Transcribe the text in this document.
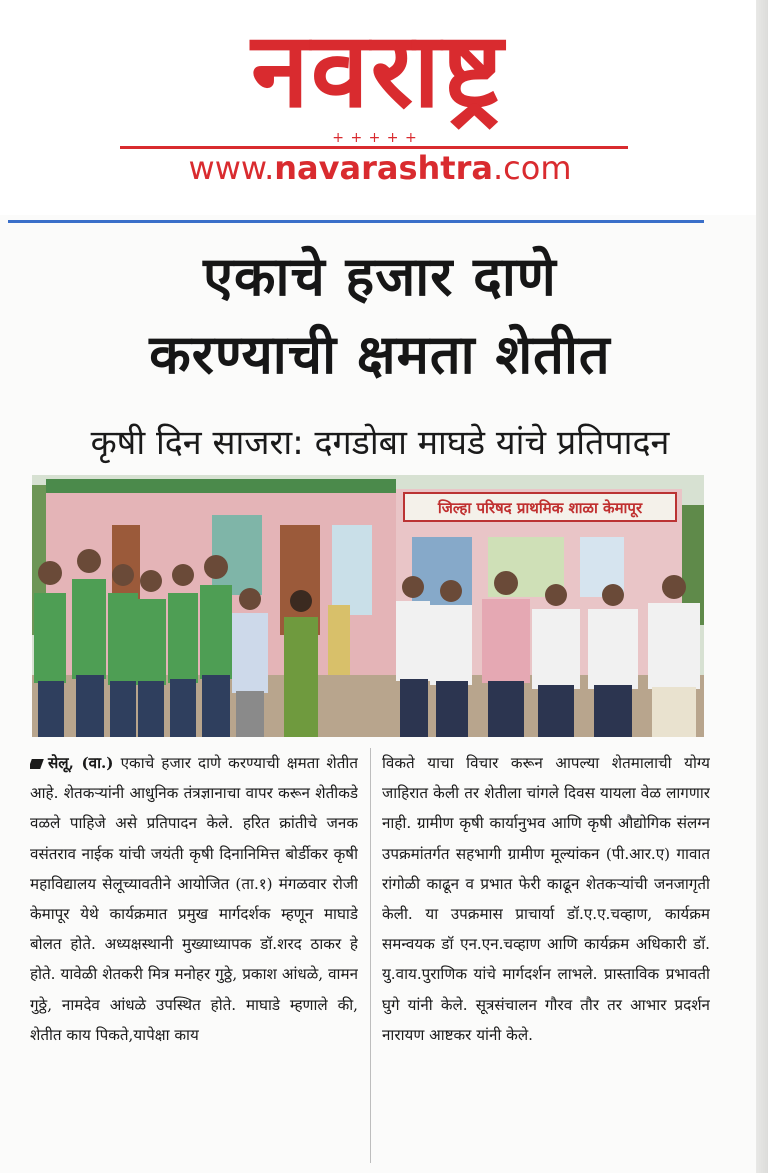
नवराष्ट्र
+ + + + +
www.navarashtra.com
एकाचे हजार दाणे
करण्याची क्षमता शेतीत
कृषी दिन साजरा: दगडोबा माघडे यांचे प्रतिपादन
जिल्हा परिषद प्राथमिक शाळा केमापूर
सेलू, (वा.) एकाचे हजार दाणे करण्याची क्षमता शेतीत आहे. शेतकऱ्यांनी आधुनिक तंत्रज्ञानाचा वापर करून शेतीकडे वळले पाहिजे असे प्रतिपादन केले. हरित क्रांतीचे जनक वसंतराव नाईक यांची जयंती कृषी दिनानिमित्त बोर्डीकर कृषी महाविद्यालय सेलूच्यावतीने आयोजित (ता.१) मंगळवार रोजी केमापूर येथे कार्यक्रमात प्रमुख मार्गदर्शक म्हणून माघाडे बोलत होते. अध्यक्षस्थानी मुख्याध्यापक डॉ.शरद ठाकर हे होते. यावेळी शेतकरी मित्र मनोहर गुठ्ठे, प्रकाश आंधळे, वामन गुठ्ठे, नामदेव आंधळे उपस्थित होते. माघाडे म्हणाले की, शेतीत काय पिकते,यापेक्षा काय
विकते याचा विचार करून आपल्या शेतमालाची योग्य जाहिरात केली तर शेतीला चांगले दिवस यायला वेळ लागणार नाही. ग्रामीण कृषी कार्यानुभव आणि कृषी औद्योगिक संलग्न उपक्रमांतर्गत सहभागी ग्रामीण मूल्यांकन (पी.आर.ए) गावात रांगोळी काढून व प्रभात फेरी काढून शेतकऱ्यांची जनजागृती केली. या उपक्रमास प्राचार्या डॉ.ए.ए.चव्हाण, कार्यक्रम समन्वयक डॉ एन.एन.चव्हाण आणि कार्यक्रम अधिकारी डॉ. यु.वाय.पुराणिक यांचे मार्गदर्शन लाभले. प्रास्ताविक प्रभावती घुगे यांनी केले. सूत्रसंचालन गौरव तौर तर आभार प्रदर्शन नारायण आष्टकर यांनी केले.
